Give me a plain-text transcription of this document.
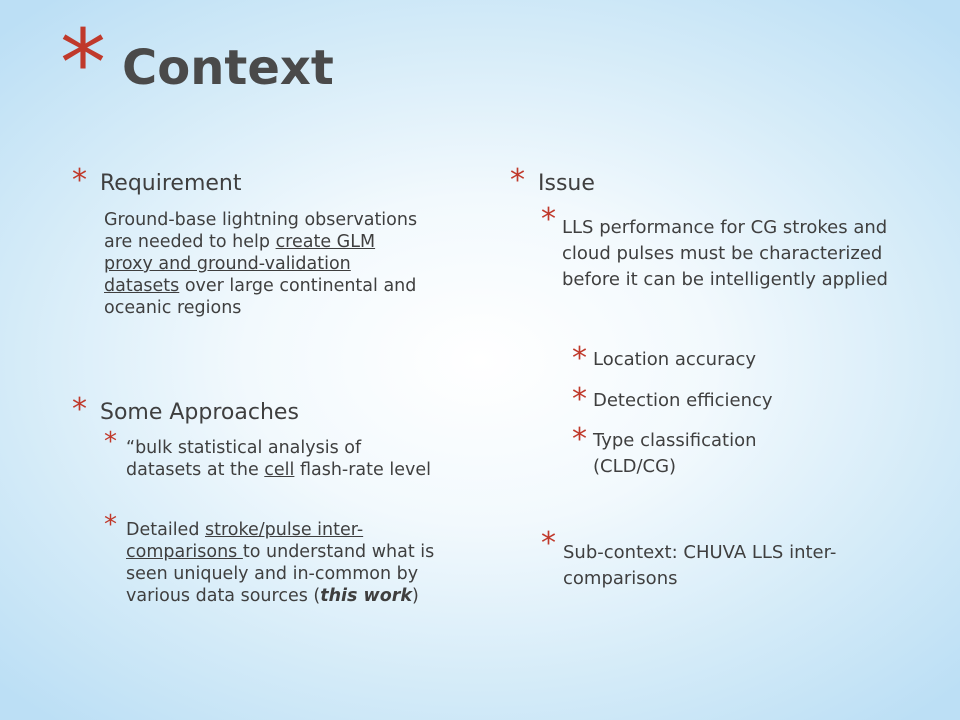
* Context
* Requirement

Ground-base lightning observations are needed to help create GLM proxy and ground-validation datasets over large continental and oceanic regions

* Some Approaches
* “bulk statistical analysis of datasets at the cell flash-rate level

* Detailed stroke/pulse inter-comparisons to understand what is seen uniquely and in-common by various data sources (this work)

* Issue
* LLS performance for CG strokes and cloud pulses must be characterized before it can be intelligently applied

* Location accuracy

* Detection efficiency

* Type classification (CLD/CG)

* Sub-context: CHUVA LLS inter-comparisons
